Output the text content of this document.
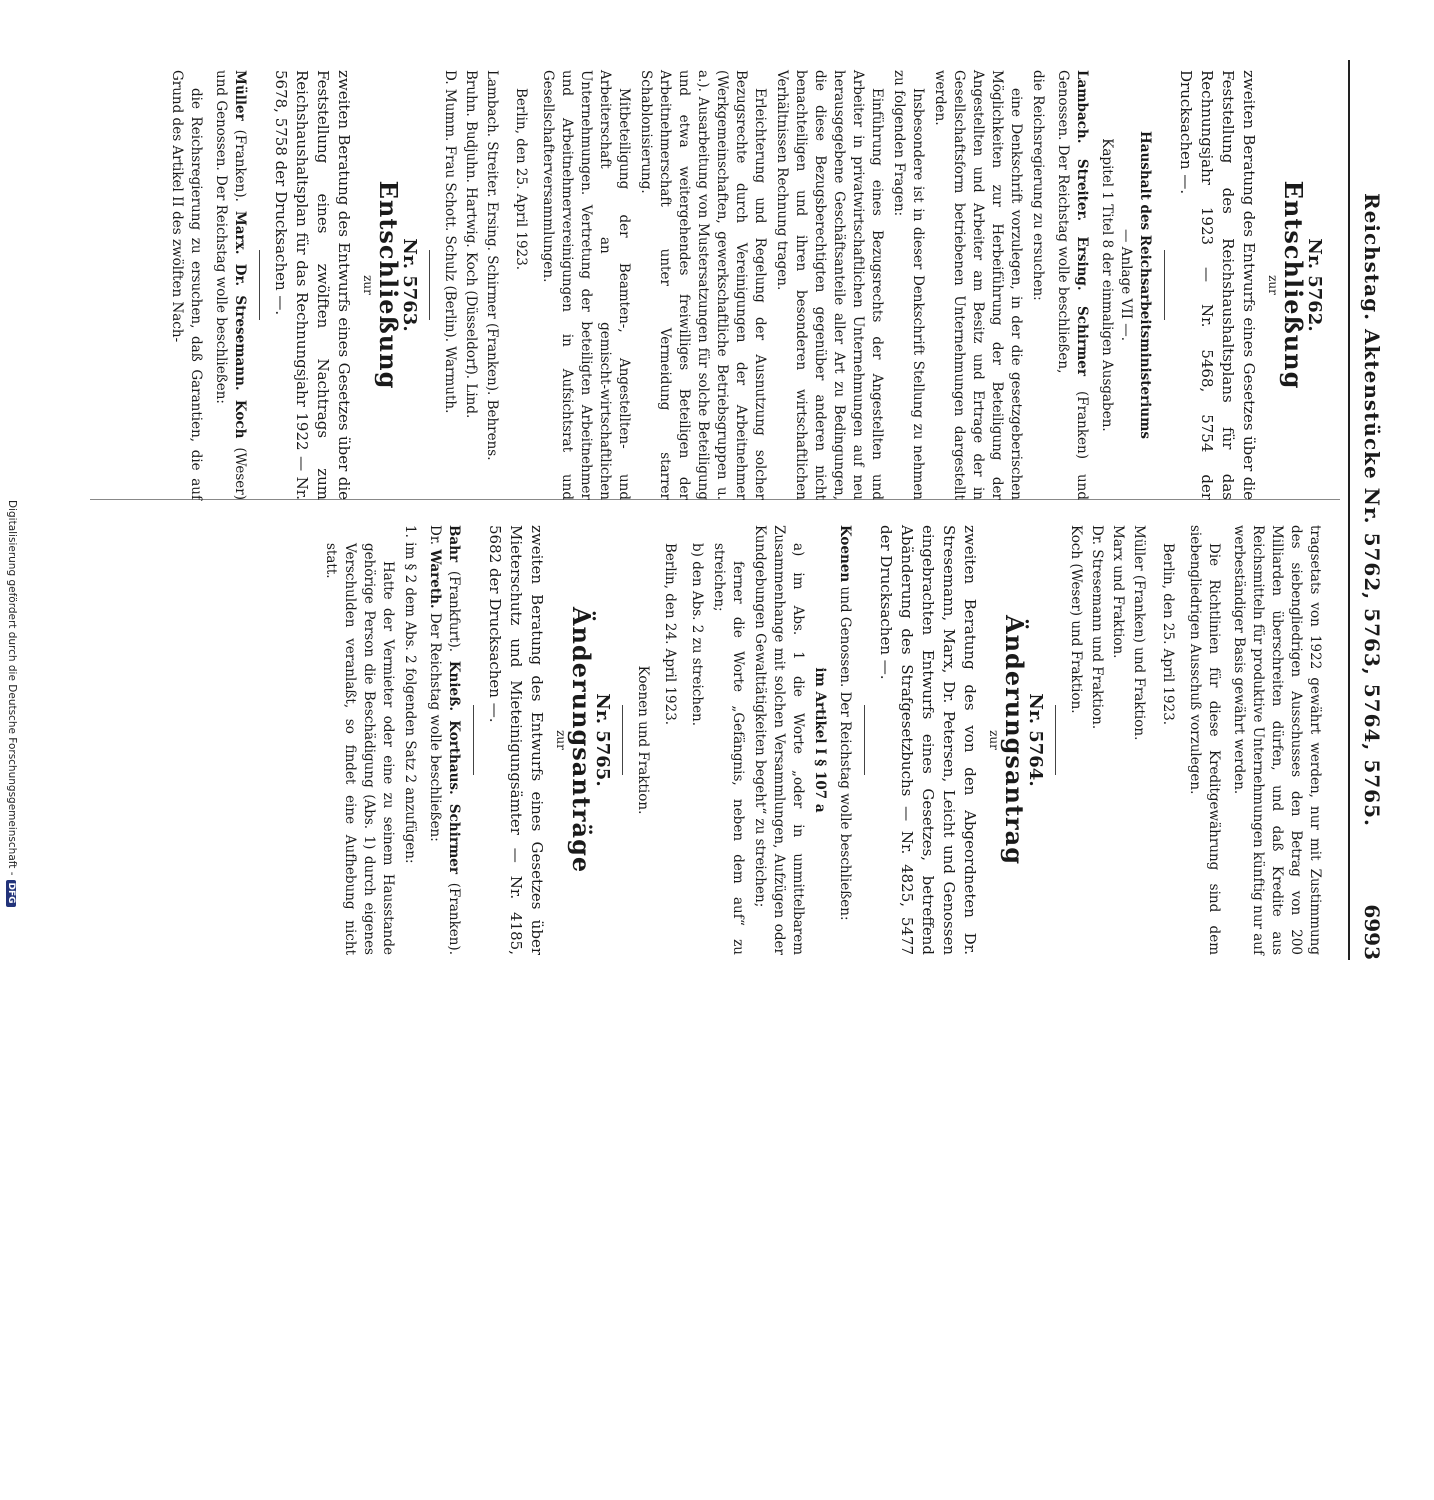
Reichstag. Aktenstücke Nr. 5762, 5763, 5764, 5765.
6993
Nr. 5762.
Entschließung
zur

zweiten Beratung des Entwurfs eines Gesetzes über die Feststellung des Reichshaushaltsplans für das Rechnungsjahr 1923 — Nr. 5468, 5754 der Drucksachen —.

Haushalt des Reichsarbeitsministeriums
— Anlage VII —.
Kapitel 1 Titel 8 der einmaligen Ausgaben.

Lambach. Streiter. Ersing. Schirmer (Franken) und Genossen. Der Reichstag wolle beschließen,

die Reichsregierung zu ersuchen:

eine Denkschrift vorzulegen, in der die gesetzgeberischen Möglichkeiten zur Herbeiführung der Beteiligung der Angestellten und Arbeiter am Besitz und Ertrage der in Gesellschaftsform betriebenen Unternehmungen dargestellt werden.

Insbesondere ist in dieser Denkschrift Stellung zu nehmen zu folgenden Fragen:

Einführung eines Bezugsrechts der Angestellten und Arbeiter in privatwirtschaftlichen Unternehmungen auf neu herausgegebene Geschäftsanteile aller Art zu Bedingungen, die diese Bezugsberechtigten gegenüber anderen nicht benachteiligen und ihren besonderen wirtschaftlichen Verhältnissen Rechnung tragen.

Erleichterung und Regelung der Ausnutzung solcher Bezugsrechte durch Vereinigungen der Arbeitnehmer (Werkgemeinschaften, gewerkschaftliche Betriebsgruppen u. a.). Ausarbeitung von Mustersatzungen für solche Beteiligung und etwa weitergehendes freiwilliges Beteiligen der Arbeitnehmerschaft unter Vermeidung starrer Schablonisierung.

Mitbeteiligung der Beamten-, Angestellten- und Arbeiterschaft an gemischt-wirtschaftlichen Unternehmungen. Vertretung der beteiligten Arbeitnehmer und Arbeitnehmervereinigungen in Aufsichtsrat und Gesellschafterversammlungen.

Berlin, den 25. April 1923.

Lambach. Streiter. Ersing. Schirmer (Franken). Behrens.
Bruhn. Budjuhn. Hartwig. Koch (Düsseldorf). Lind.
D. Mumm. Frau Schott. Schulz (Berlin). Warmuth.
Nr. 5763.
Entschließung
zur

zweiten Beratung des Entwurfs eines Gesetzes über die Feststellung eines zwölften Nachtrags zum Reichshaushaltsplan für das Rechnungsjahr 1922 — Nr. 5678, 5758 der Drucksachen —.

Müller (Franken). Marx. Dr. Stresemann. Koch (Weser) und Genossen. Der Reichstag wolle beschließen:

die Reichsregierung zu ersuchen, daß Garantien, die auf Grund des Artikel II des zwölften Nach-

tragsetats von 1922 gewährt werden, nur mit Zustimmung des siebengliedrigen Ausschusses den Betrag von 200 Milliarden überschreiten dürfen, und daß Kredite aus Reichsmitteln für produktive Unternehmungen künftig nur auf werbeständiger Basis gewährt werden.

Die Richtlinien für diese Kreditgewährung sind dem siebengliedrigen Ausschuß vorzulegen.

Berlin, den 25. April 1923.

Müller (Franken) und Fraktion.
Marx und Fraktion.
Dr. Stresemann und Fraktion.
Koch (Weser) und Fraktion.
Nr. 5764.
Änderungsantrag
zur

zweiten Beratung des von den Abgeordneten Dr. Stresemann, Marx, Dr. Petersen, Leicht und Genossen eingebrachten Entwurfs eines Gesetzes, betreffend Abänderung des Strafgesetzbuchs — Nr. 4825, 5477 der Drucksachen —.

Koenen und Genossen. Der Reichstag wolle beschließen:

im Artikel I § 107 a

a) im Abs. 1 die Worte „oder in unmittelbarem Zusammenhange mit solchen Versammlungen, Aufzügen oder Kundgebungen Gewalttätigkeiten begeht“ zu streichen;

ferner die Worte „Gefängnis, neben dem auf“ zu streichen;

b) den Abs. 2 zu streichen.

Berlin, den 24. April 1923.

Koenen und Fraktion.
Nr. 5765.
Änderungsanträge
zur

zweiten Beratung des Entwurfs eines Gesetzes über Mieterschutz und Mieteinigungsämter — Nr. 4185, 5682 der Drucksachen —.

Bahr (Frankfurt). Knieß. Korthaus. Schirmer (Franken). Dr. Wareth. Der Reichstag wolle beschließen:

1. im § 2 dem Abs. 2 folgenden Satz 2 anzufügen:

Hatte der Vermieter oder eine zu seinem Hausstande gehörige Person die Beschädigung (Abs. 1) durch eigenes Verschulden veranlaßt, so findet eine Aufhebung nicht statt.

Digitalisierung gefördert durch die Deutsche Forschungsgemeinschaft -DFG
